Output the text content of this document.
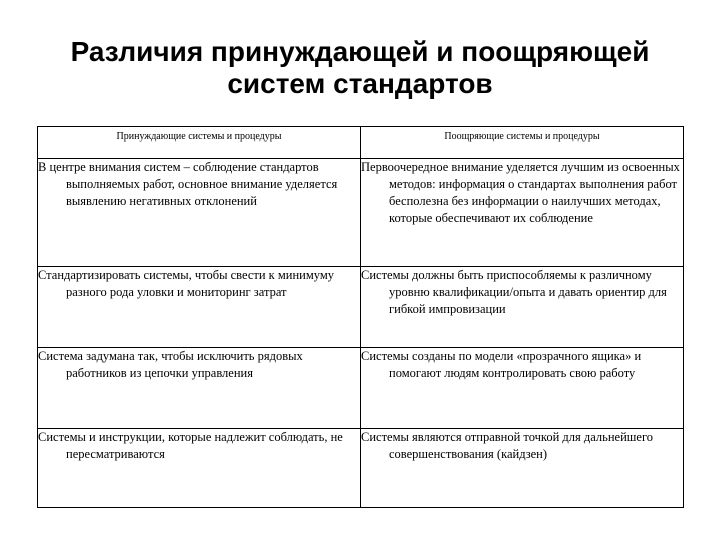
Различия принуждающей и поощряющей
систем стандартов
Принуждающие системы и процедуры	Поощряющие системы и процедуры

В центре внимания систем – соблюдение стандартов выполняемых работ, основное внимание уделяется выявлению негативных отклонений	Первоочередное внимание уделяется лучшим из освоенных методов: информация о стандартах выполнения работ бесполезна без информации о наилучших методах, которые обеспечивают их соблюдение

Стандартизировать системы, чтобы свести к минимуму разного рода уловки и мониторинг затрат	Системы должны быть приспособляемы к различному уровню квалификации/опыта и давать ориентир для гибкой импровизации

Система задумана так, чтобы исключить рядовых работников из цепочки управления	Системы созданы по модели «прозрачного ящика» и помогают людям контролировать свою работу

Системы и инструкции, которые надлежит соблюдать, не пересматриваются	Системы являются отправной точкой для дальнейшего совершенствования (кайдзен)
